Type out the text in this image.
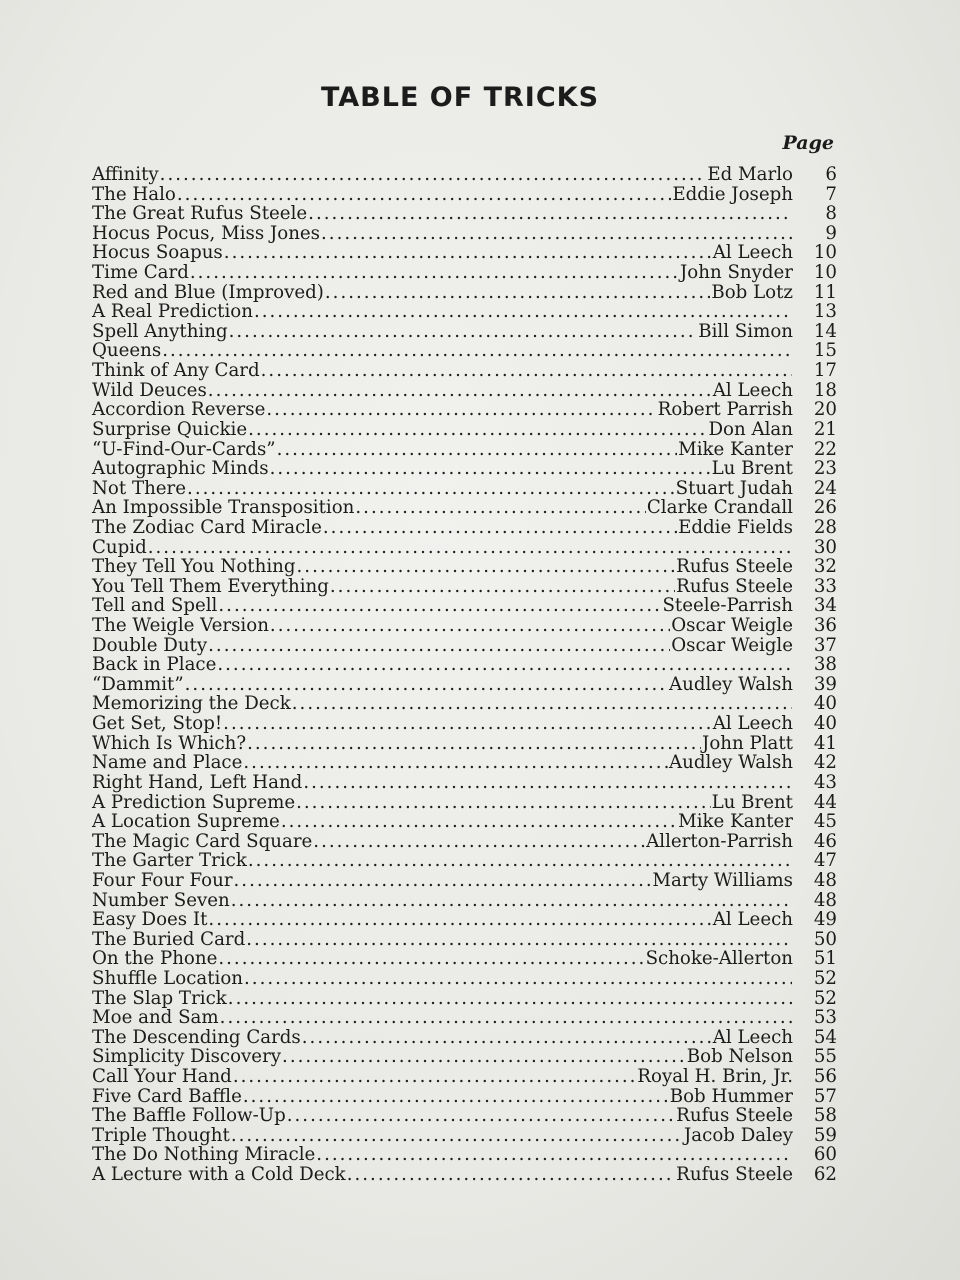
TABLE OF TRICKS
Page
Affinity .....	Ed Marlo	6
The Halo .....	Eddie Joseph	7
The Great Rufus Steele .....	8
Hocus Pocus, Miss Jones .....	9
Hocus Soapus .....	Al Leech	10
Time Card .....	John Snyder	10
Red and Blue (Improved) .....	Bob Lotz	11
A Real Prediction .....	13
Spell Anything .....	Bill Simon	14
Queens .....	15
Think of Any Card .....	17
Wild Deuces .....	Al Leech	18
Accordion Reverse .....	Robert Parrish	20
Surprise Quickie .....	Don Alan	21
“U-Find-Our-Cards” .....	Mike Kanter	22
Autographic Minds .....	Lu Brent	23
Not There .....	Stuart Judah	24
An Impossible Transposition .....	Clarke Crandall	26
The Zodiac Card Miracle .....	Eddie Fields	28
Cupid .....	30
They Tell You Nothing .....	Rufus Steele	32
You Tell Them Everything .....	Rufus Steele	33
Tell and Spell .....	Steele-Parrish	34
The Weigle Version .....	Oscar Weigle	36
Double Duty .....	Oscar Weigle	37
Back in Place .....	38
“Dammit” .....	Audley Walsh	39
Memorizing the Deck .....	40
Get Set, Stop! .....	Al Leech	40
Which Is Which? .....	John Platt	41
Name and Place .....	Audley Walsh	42
Right Hand, Left Hand .....	43
A Prediction Supreme .....	Lu Brent	44
A Location Supreme .....	Mike Kanter	45
The Magic Card Square .....	Allerton-Parrish	46
The Garter Trick .....	47
Four Four Four .....	Marty Williams	48
Number Seven .....	48
Easy Does It .....	Al Leech	49
The Buried Card .....	50
On the Phone .....	Schoke-Allerton	51
Shuffle Location .....	52
The Slap Trick .....	52
Moe and Sam .....	53
The Descending Cards .....	Al Leech	54
Simplicity Discovery .....	Bob Nelson	55
Call Your Hand .....	Royal H. Brin, Jr.	56
Five Card Baffle .....	Bob Hummer	57
The Baffle Follow-Up .....	Rufus Steele	58
Triple Thought .....	Jacob Daley	59
The Do Nothing Miracle .....	60
A Lecture with a Cold Deck .....	Rufus Steele	62
